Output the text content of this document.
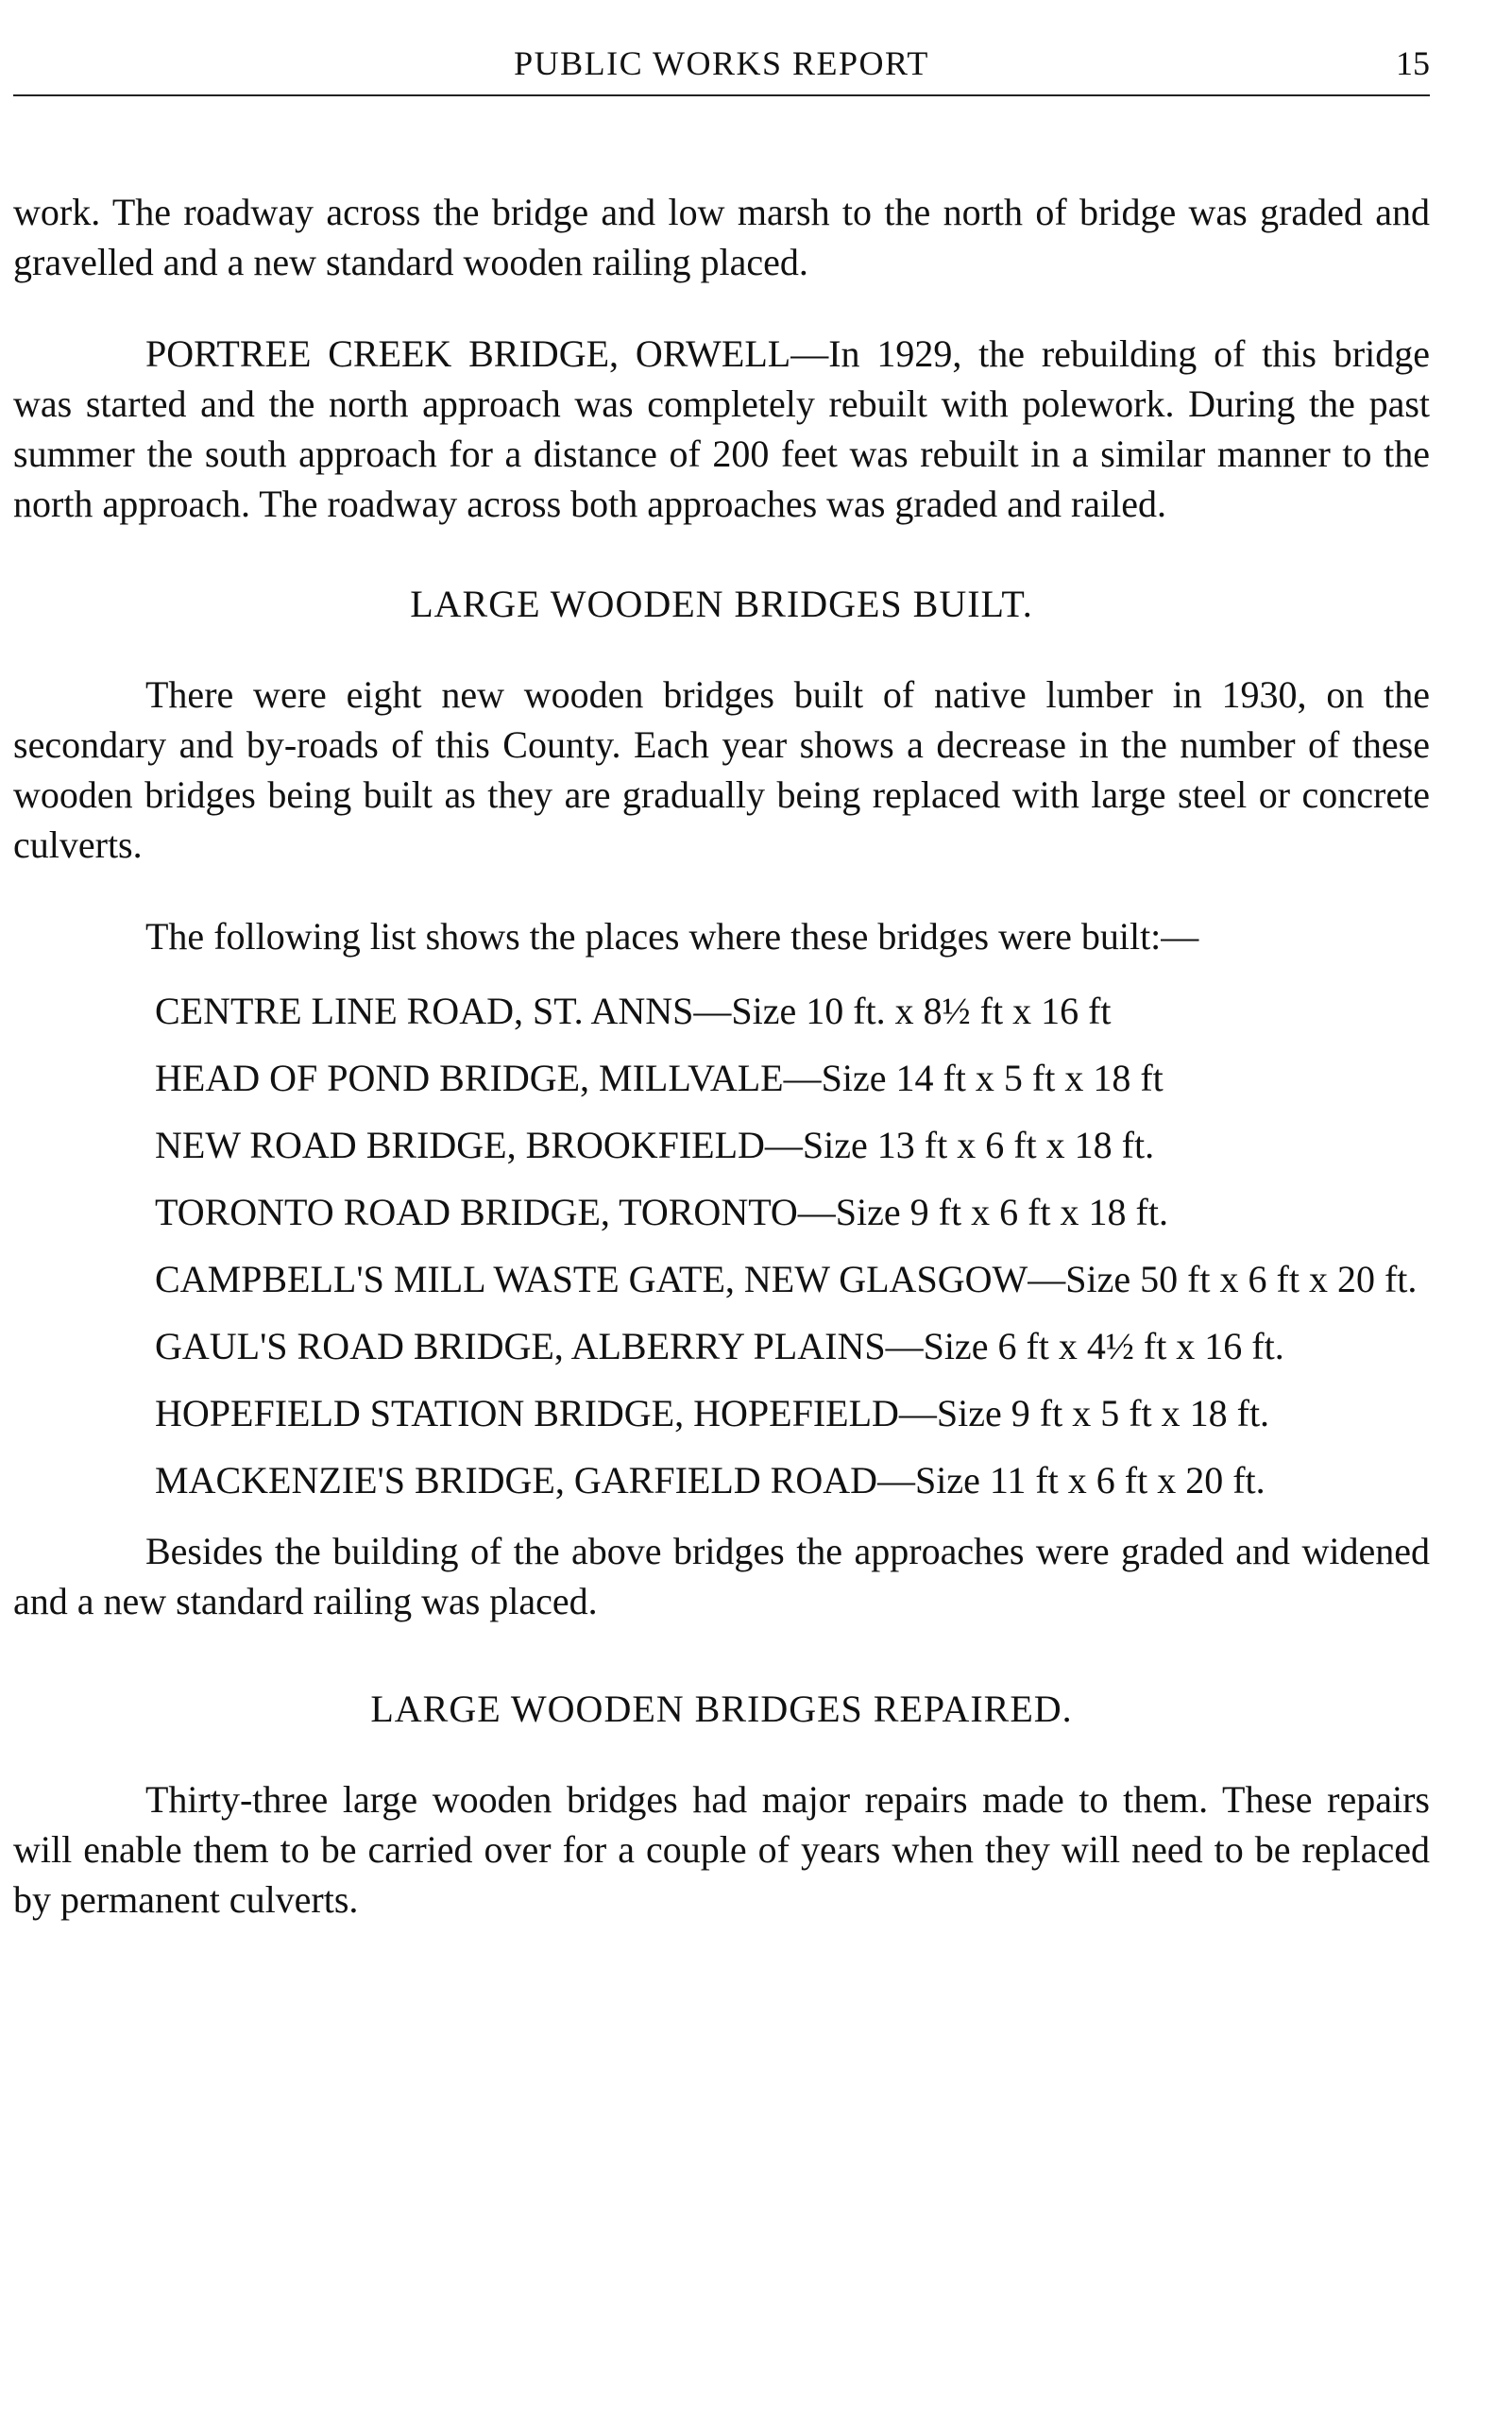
PUBLIC WORKS REPORT	15

work. The roadway across the bridge and low marsh to the north of bridge was graded and gravelled and a new standard wooden railing placed.

PORTREE CREEK BRIDGE, ORWELL—In 1929, the rebuilding of this bridge was started and the north approach was completely rebuilt with polework. During the past summer the south approach for a distance of 200 feet was rebuilt in a similar manner to the north approach. The roadway across both approaches was graded and railed.

LARGE WOODEN BRIDGES BUILT.

There were eight new wooden bridges built of native lumber in 1930, on the secondary and by-roads of this County. Each year shows a decrease in the number of these wooden bridges being built as they are gradually being replaced with large steel or concrete culverts.

The following list shows the places where these bridges were built:—

CENTRE LINE ROAD, ST. ANNS—Size 10 ft. x 8½ ft x 16 ft
HEAD OF POND BRIDGE, MILLVALE—Size 14 ft x 5 ft x 18 ft
NEW ROAD BRIDGE, BROOKFIELD—Size 13 ft x 6 ft x 18 ft.
TORONTO ROAD BRIDGE, TORONTO—Size 9 ft x 6 ft x 18 ft.
CAMPBELL'S MILL WASTE GATE, NEW GLASGOW—Size 50 ft x 6 ft x 20 ft.
GAUL'S ROAD BRIDGE, ALBERRY PLAINS—Size 6 ft x 4½ ft x 16 ft.
HOPEFIELD STATION BRIDGE, HOPEFIELD—Size 9 ft x 5 ft x 18 ft.
MACKENZIE'S BRIDGE, GARFIELD ROAD—Size 11 ft x 6 ft x 20 ft.

Besides the building of the above bridges the approaches were graded and widened and a new standard railing was placed.

LARGE WOODEN BRIDGES REPAIRED.

Thirty-three large wooden bridges had major repairs made to them. These repairs will enable them to be carried over for a couple of years when they will need to be replaced by permanent culverts.
